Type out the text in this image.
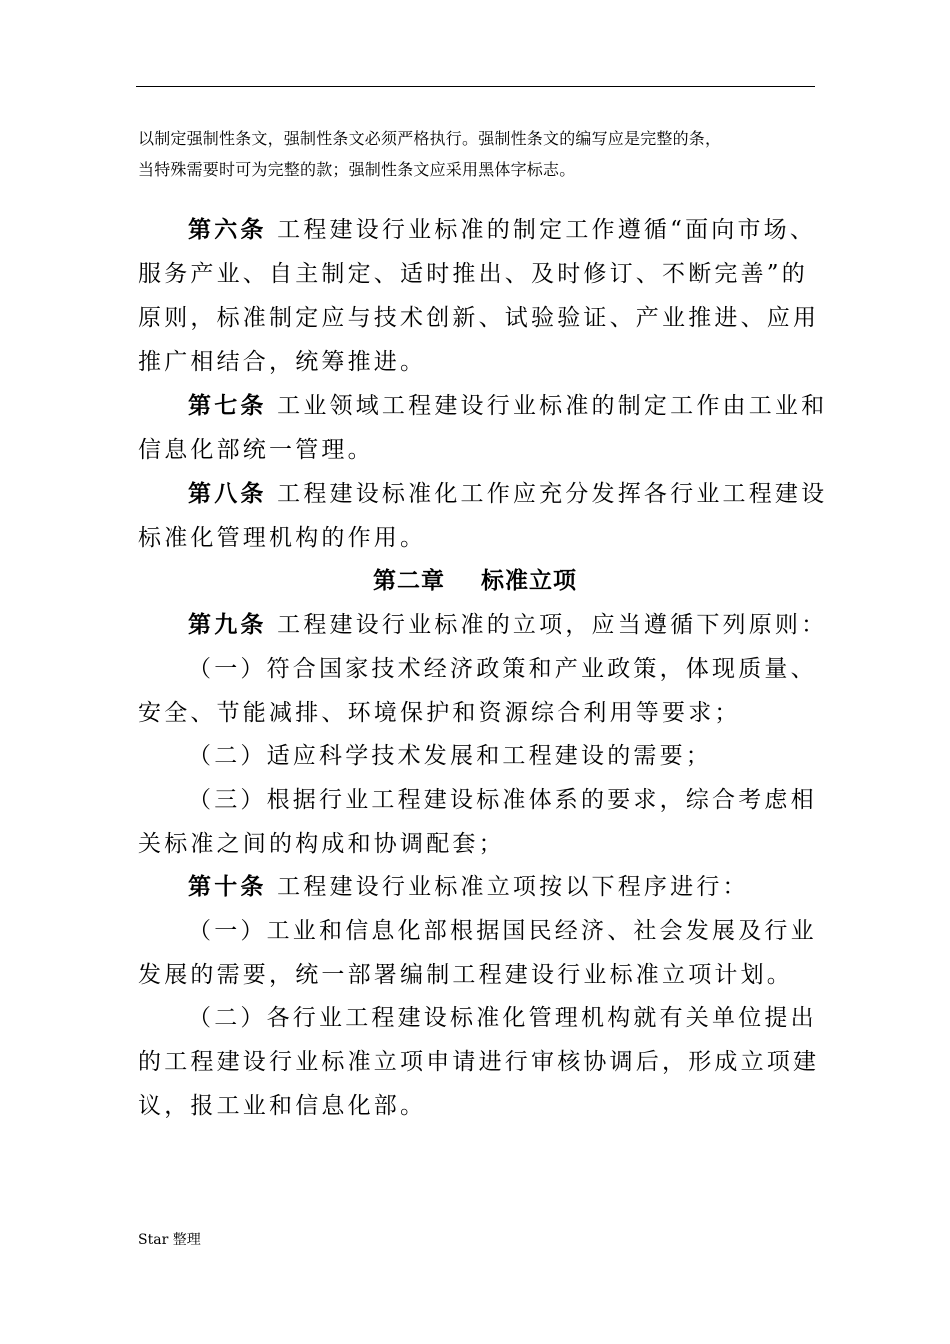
以制定强制性条文，强制性条文必须严格执行。强制性条文的编写应是完整的条，
当特殊需要时可为完整的款；强制性条文应采用黑体字标志。
第六条 工程建设行业标准的制定工作遵循“面向市场、
服务产业、自主制定、适时推出、及时修订、不断完善”的
原则，标准制定应与技术创新、试验验证、产业推进、应用
推广相结合，统筹推进。
第七条 工业领域工程建设行业标准的制定工作由工业和
信息化部统一管理。
第八条 工程建设标准化工作应充分发挥各行业工程建设
标准化管理机构的作用。
第二章    标准立项
第九条 工程建设行业标准的立项，应当遵循下列原则：
（一）符合国家技术经济政策和产业政策，体现质量、
安全、节能减排、环境保护和资源综合利用等要求；
（二）适应科学技术发展和工程建设的需要；
（三）根据行业工程建设标准体系的要求，综合考虑相
关标准之间的构成和协调配套；
第十条 工程建设行业标准立项按以下程序进行：
（一）工业和信息化部根据国民经济、社会发展及行业
发展的需要，统一部署编制工程建设行业标准立项计划。
（二）各行业工程建设标准化管理机构就有关单位提出
的工程建设行业标准立项申请进行审核协调后，形成立项建
议，报工业和信息化部。
Star 整理
